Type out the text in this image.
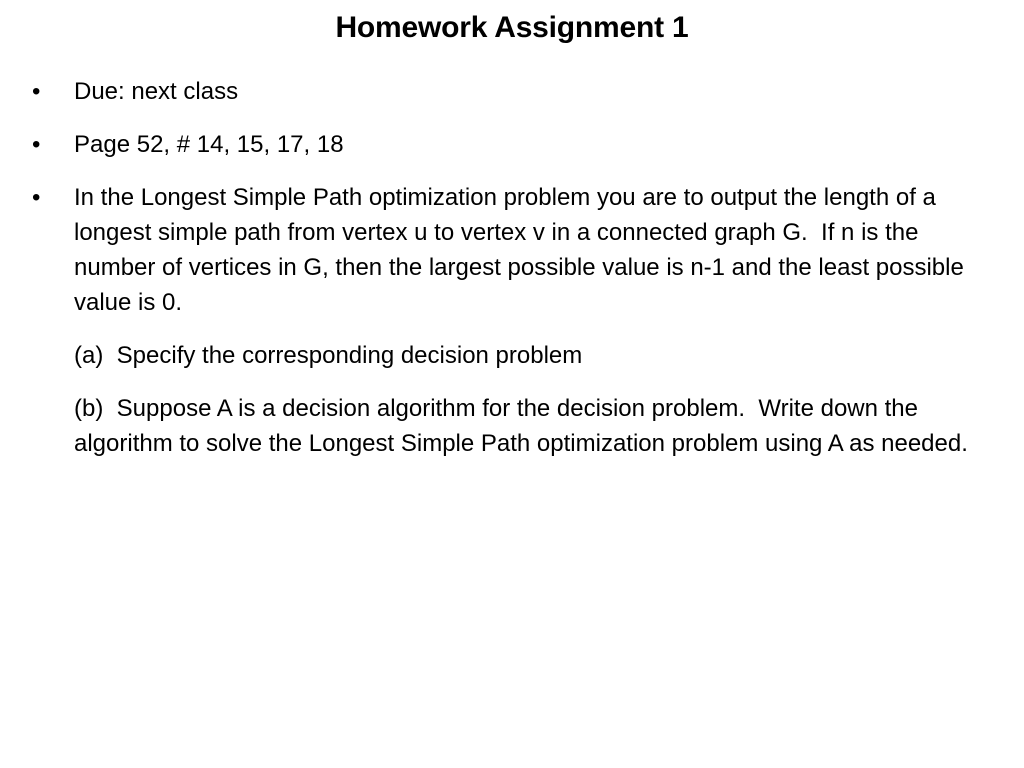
Homework Assignment 1
•	Due: next class
•	Page 52, # 14, 15, 17, 18
•	In the Longest Simple Path optimization problem you are to output the length of a longest simple path from vertex u to vertex v in a connected graph G.  If n is the number of vertices in G, then the largest possible value is n-1 and the least possible value is 0.

(a)  Specify the corresponding decision problem

(b)  Suppose A is a decision algorithm for the decision problem.  Write down the algorithm to solve the Longest Simple Path optimization problem using A as needed.
